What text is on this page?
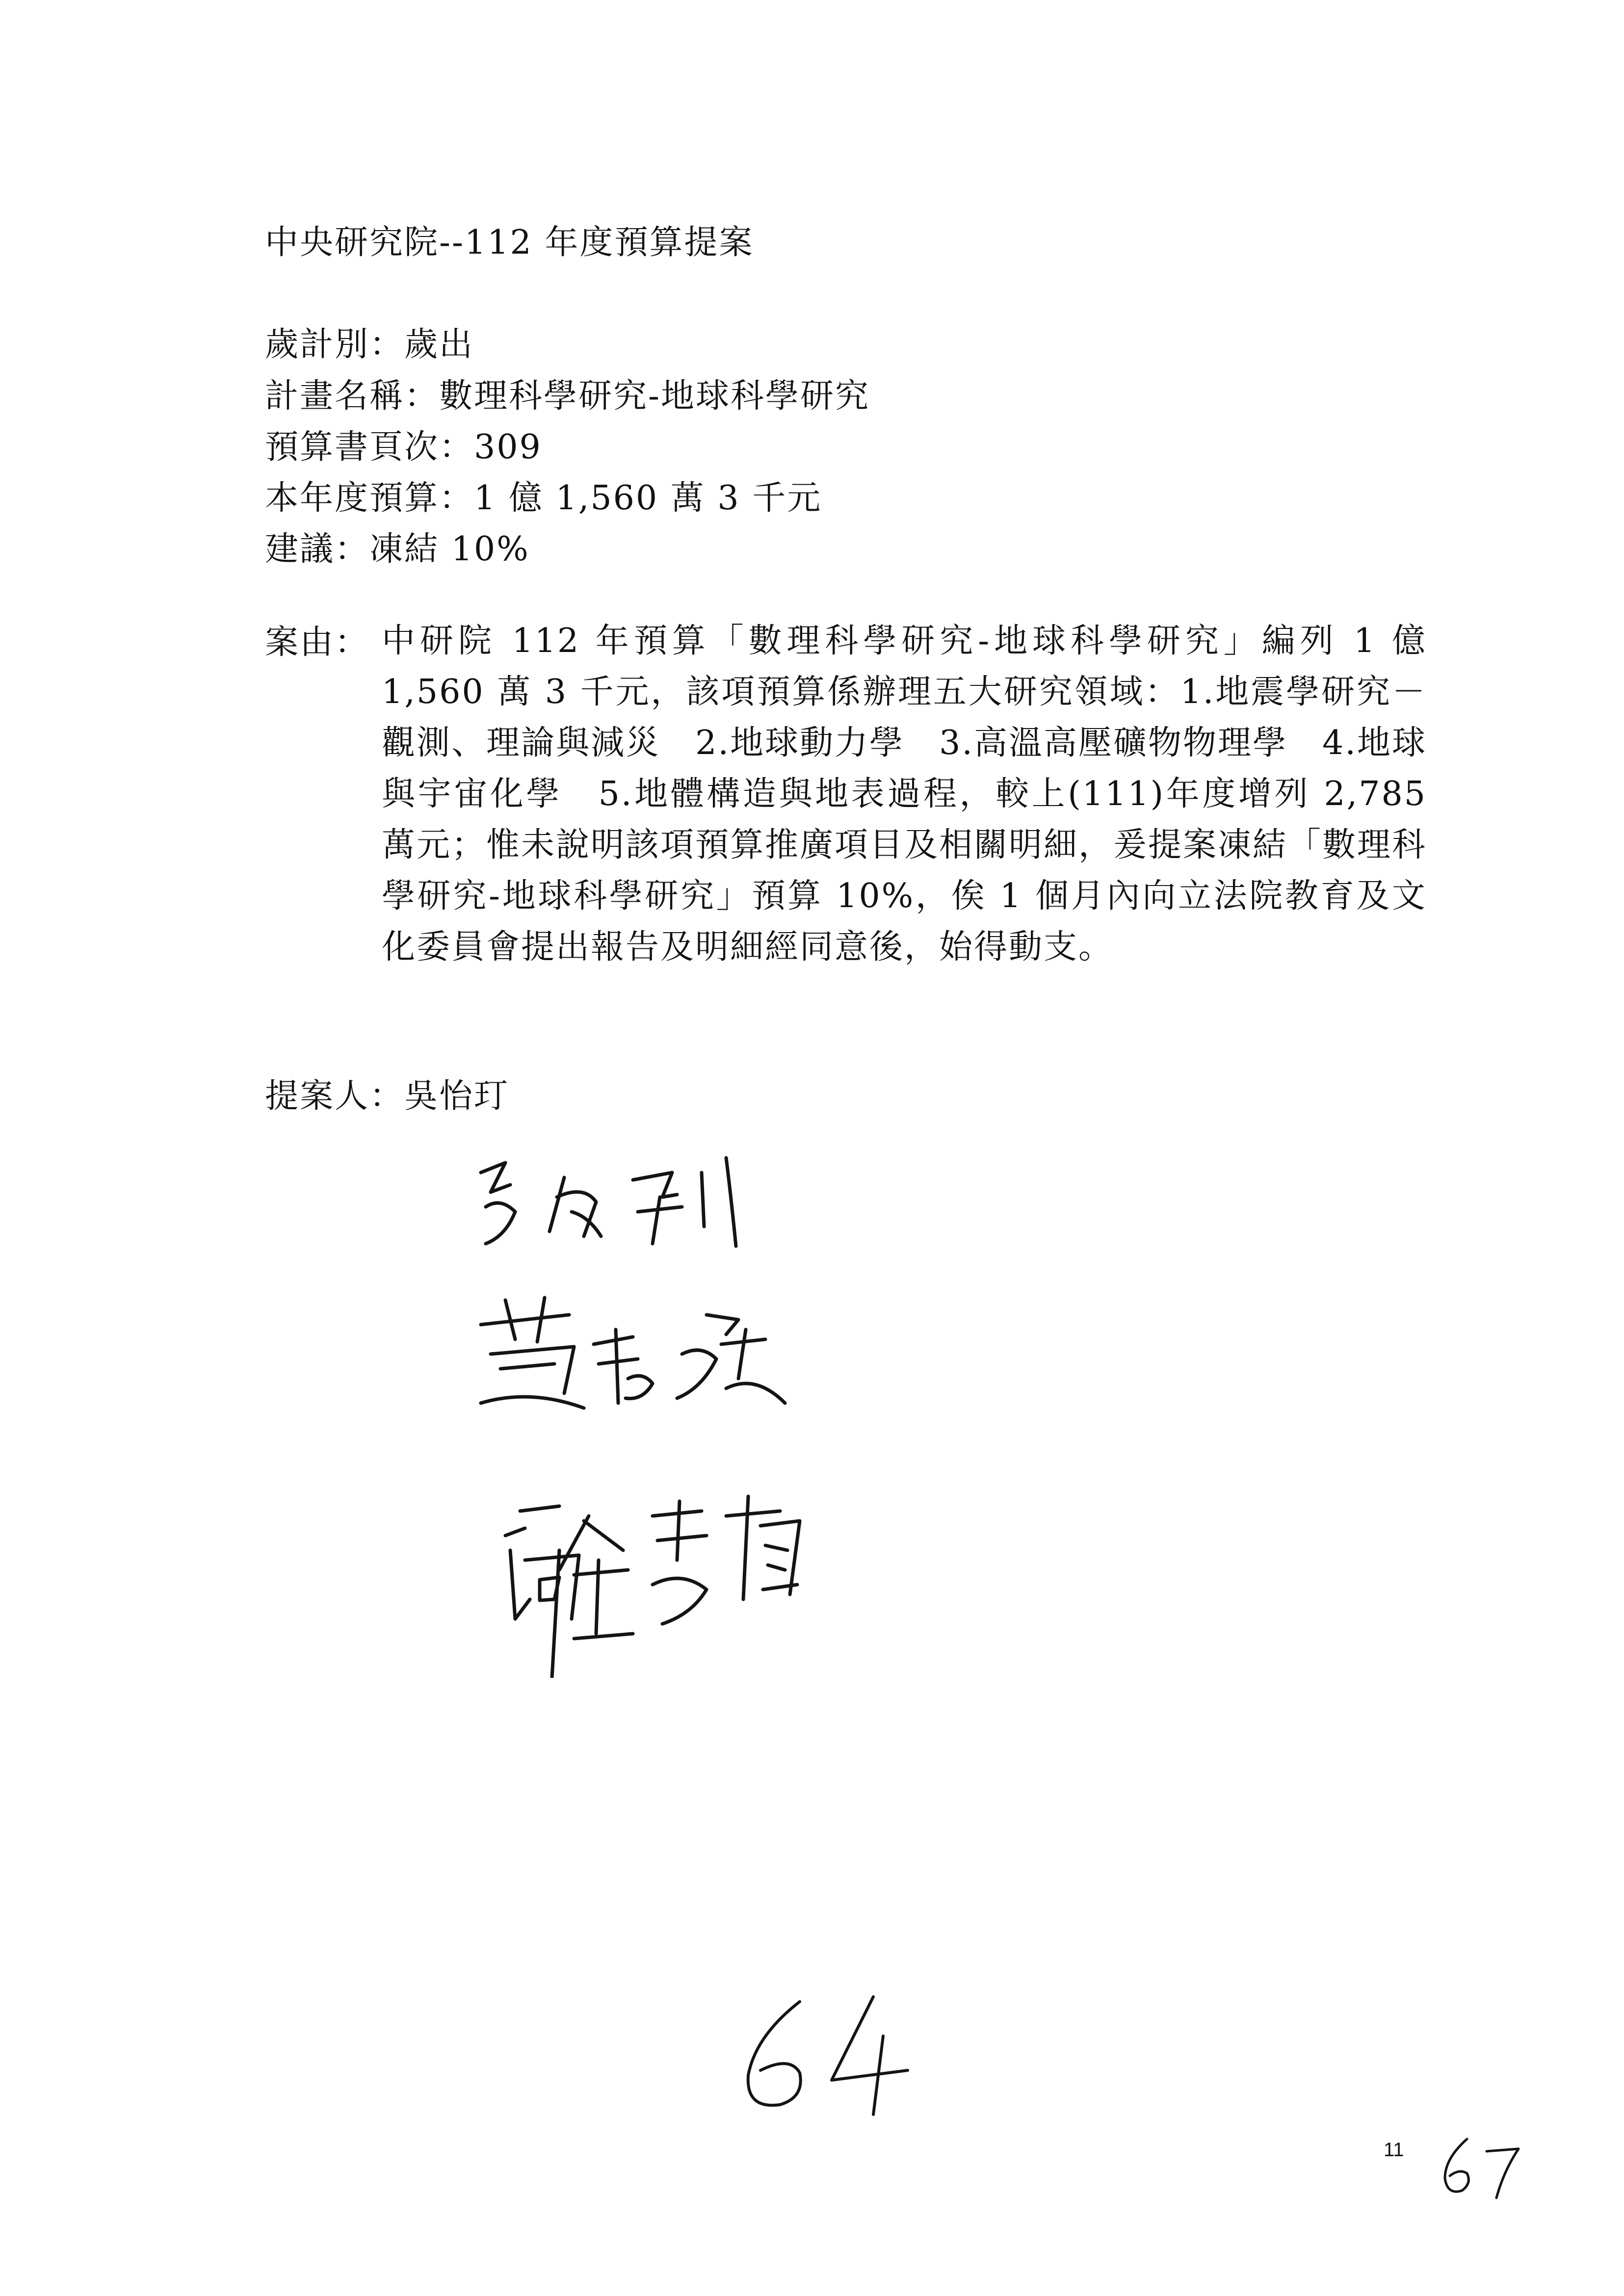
中央研究院--112 年度預算提案
歲計別：歲出
計畫名稱：數理科學研究-地球科學研究
預算書頁次：309
本年度預算：1 億 1,560 萬 3 千元
建議：凍結 10%
案由： 中研院 112 年預算「數理科學研究-地球科學研究」編列 1 億 1,560 萬 3 千元，該項預算係辦理五大研究領域：1.地震學研究－觀測、理論與減災　2.地球動力學　3.高溫高壓礦物物理學　4.地球與宇宙化學　5.地體構造與地表過程，較上(111)年度增列 2,785 萬元；惟未說明該項預算推廣項目及相關明細，爰提案凍結「數理科學研究-地球科學研究」預算 10%，俟 1 個月內向立法院教育及文化委員會提出報告及明細經同意後，始得動支。
提案人：吳怡玎
11
